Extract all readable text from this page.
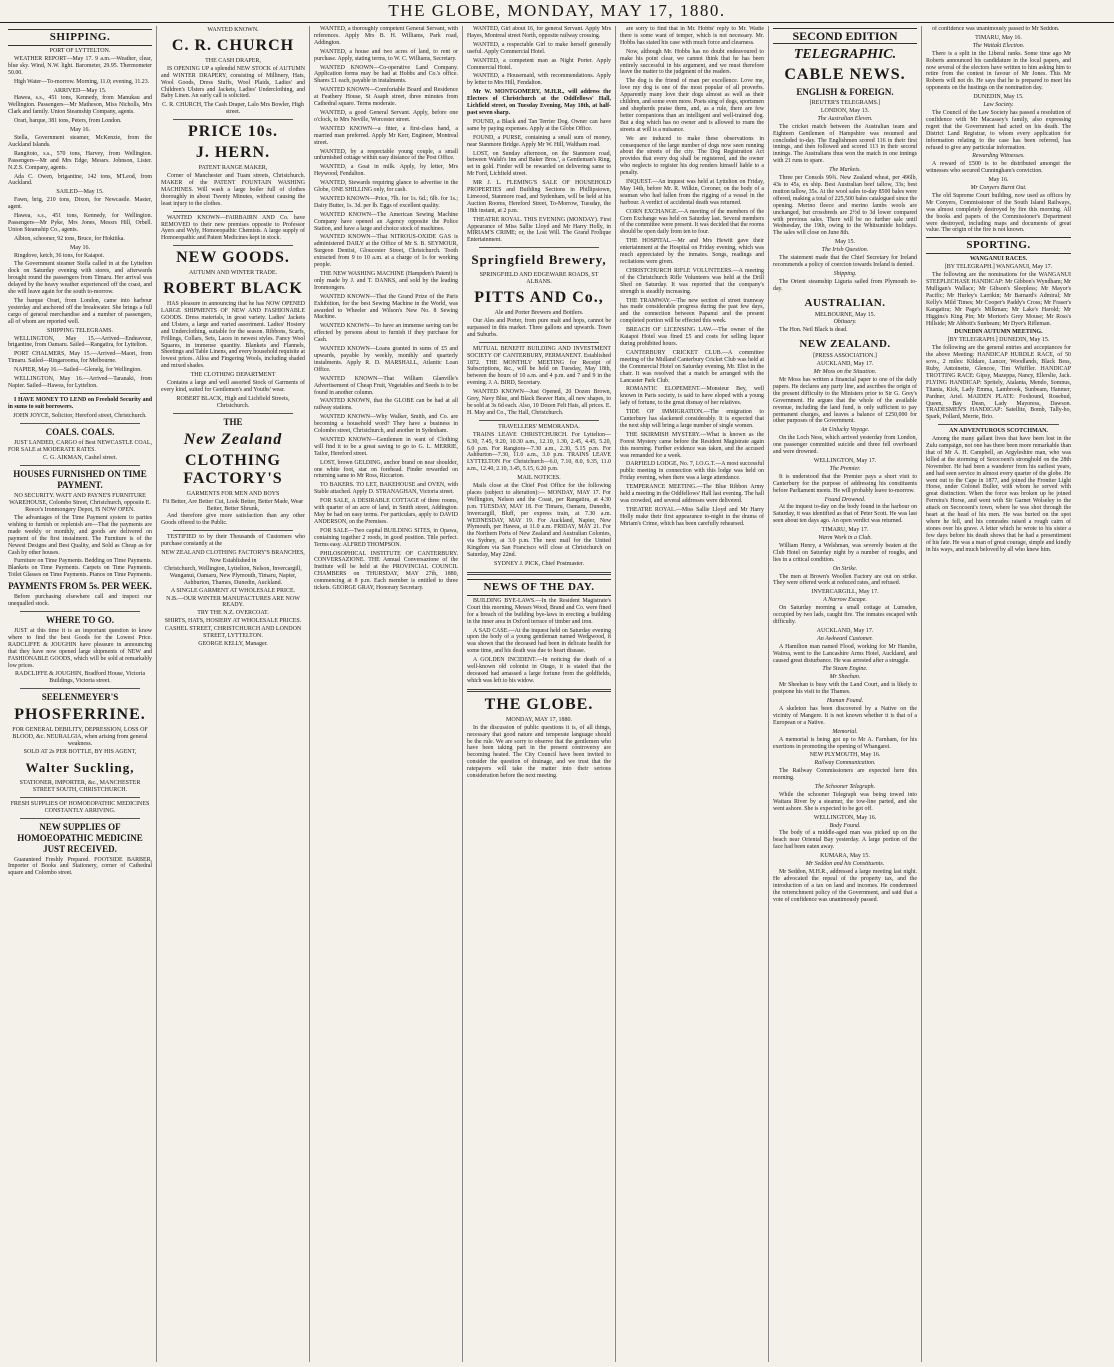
THE GLOBE, MONDAY, MAY 17, 1880.
SHIPPING.
PORT OF LYTTELTON.
WEATHER REPORT—May 17. 9 a.m.—Weather, clear, blue sky. Wind, N.W. light. Barometer, 29.95. Thermometer 50.00.
High Water—To-morrow. Morning, 11.0; evening, 11.23.
ARRIVED—May 15.
Hawea, s.s., 451 tons, Kennedy, from Manukau and Wellington. Passengers—Mr Matheson, Miss Nicholls, Mrs Clark and family. Union Steamship Company, agents.
Orari, barque, 381 tons, Peters, from London.
May 16.
Stella, Government steamer, McKenzie, from the Auckland Islands.
Rangitoto, s.s., 570 tons, Harvey, from Wellington. Passengers—Mr and Mrs Edge, Messrs. Johnson, Lister. N.Z.S. Company, agents.
Ada C. Owen, brigantine, 142 tons, M'Leod, from Auckland.
SAILED—May 15.
Fawn, brig, 210 tons, Dixon, for Newcastle. Master, agent.
Hawea, s.s., 451 tons, Kennedy, for Wellington. Passengers—Mr Pyke, Mrs Jones, Messrs Hill, Orbell. Union Steamship Co., agents.
Albion, schooner, 92 tons, Bruce, for Hokitika.
May 16.
Ringdove, ketch, 36 tons, for Kaiapoi.
The Government steamer Stella called in at the Lyttelton dock on Saturday evening with stores, and afterwards brought round the passengers from Timaru. Her arrival was delayed by the heavy weather experienced off the coast, and she will leave again for the south to-morrow.
The barque Orari, from London, came into harbour yesterday and anchored off the breakwater. She brings a full cargo of general merchandise and a number of passengers, all of whom are reported well.
SHIPPING TELEGRAMS.
WELLINGTON, May 15.—Arrived—Endeavour, brigantine, from Oamaru. Sailed—Rangatira, for Lyttelton.
PORT CHALMERS, May 15.—Arrived—Maori, from Timaru. Sailed—Ringarooma, for Melbourne.
NAPIER, May 16.—Sailed—Glenelg, for Wellington.
WELLINGTON, May 16.—Arrived—Taranaki, from Napier. Sailed—Hawea, for Lyttelton.
I HAVE MONEY TO LEND on Freehold Security and in sums to suit borrowers.
JOHN JOYCE, Solicitor, Hereford street, Christchurch.
COALS. COALS.
JUST LANDED, CARGO of Best NEWCASTLE COAL, FOR SALE at MODERATE RATES.
C. G. AIKMAN, Cashel street.
HOUSES FURNISHED ON TIME PAYMENT.
NO SECURITY. WATT AND PAYNE'S FURNITURE WAREHOUSE, Colombo Street, Christchurch, opposite E. Reece's Ironmongery Depot, IS NOW OPEN.
The advantages of the Time Payment system to parties wishing to furnish or replenish are—That the payments are made weekly or monthly, and goods are delivered on payment of the first instalment. The Furniture is of the Newest Designs and Best Quality, and Sold as Cheap as for Cash by other houses.
Furniture on Time Payments. Bedding on Time Payments. Blankets on Time Payments. Carpets on Time Payments. Toilet Glasses on Time Payments. Pianos on Time Payments.
PAYMENTS FROM 5s. PER WEEK.
Before purchasing elsewhere call and inspect our unequalled stock.
WHERE TO GO.
JUST at this time it is an important question to know where to find the best Goods for the Lowest Price. RADCLIFFE & JOUGHIN have pleasure in announcing that they have now opened large shipments of NEW and FASHIONABLE GOODS, which will be sold at remarkably low prices.
RADCLIFFE & JOUGHIN, Bradford House, Victoria Buildings, Victoria street.
SEELENMEYER'S
PHOSFERRINE.
FOR GENERAL DEBILITY, DEPRESSION, LOSS OF BLOOD, &c. NEURALGIA, when arising from general weakness.
SOLD AT 2s PER BOTTLE, BY HIS AGENT,
Walter Suckling,
STATIONER, IMPORTER, &c., MANCHESTER STREET SOUTH, CHRISTCHURCH.
FRESH SUPPLIES OF HOMOEOPATHIC MEDICINES CONSTANTLY ARRIVING.
NEW SUPPLIES OF HOMOEOPATHIC MEDICINE JUST RECEIVED.
Guaranteed Freshly Prepared. FOOTSIDE BARBER, Importer of Books and Stationery, corner of Cathedral square and Colombo street.
WANTED KNOWN.
C. R. CHURCH
THE CASH DRAPER,
IS OPENING UP a splendid NEW STOCK of AUTUMN and WINTER DRAPERY, consisting of Millinery, Hats, Wool Goods, Dress Stuffs, Wool Plaids, Ladies' and Children's Ulsters and Jackets, Ladies' Underclothing, and Baby Linen. An early call is solicited.
C. R. CHURCH, The Cash Draper, Lalo Mrs Bowler, High street.
PRICE 10s.
J. HERN.
PATENT RANGE MAKER,
Corner of Manchester and Tuam streets, Christchurch. MAKER of the PATENT FOUNTAIN WASHING MACHINES. Will wash a large boiler full of clothes thoroughly in about Twenty Minutes, without causing the least injury to the clothes.
WANTED KNOWN—FAIRBAIRN AND Co. have REMOVED to their new premises opposite to Professor Ayers and Wyly, Homoeopathic Chemists. A large supply of Homoeopathic and Patent Medicines kept in stock.
NEW GOODS.
AUTUMN AND WINTER TRADE.
ROBERT BLACK
HAS pleasure in announcing that he has NOW OPENED LARGE SHIPMENTS OF NEW AND FASHIONABLE GOODS. Dress materials, in great variety. Ladies' Jackets and Ulsters, a large and varied assortment. Ladies' Hosiery and Underclothing, suitable for the season. Ribbons, Scarfs, Frillings, Collars, Sets, Laces in newest styles. Fancy Wool Squares, in immense quantity. Blankets and Flannels, Sheetings and Table Linens, and every household requisite at lowest prices. Alloa and Fingering Wools, including shaded and mixed shades.
THE CLOTHING DEPARTMENT
Contains a large and well assorted Stock of Garments of every kind, suited for Gentlemen's and Youths' wear.
ROBERT BLACK, High and Lichfield Streets, Christchurch.
THE
New Zealand
CLOTHING FACTORY'S
GARMENTS FOR MEN AND BOYS
Fit Better, Are Better Cut, Look Better, Better Made, Wear Better, Better Shrunk,
And therefore give more satisfaction than any other Goods offered to the Public.
TESTIFIED to by their Thousands of Customers who purchase constantly at the
NEW ZEALAND CLOTHING FACTORY'S BRANCHES,
Now Established in
Christchurch, Wellington, Lyttelton, Nelson, Invercargill, Wanganui, Oamaru, New Plymouth, Timaru, Napier, Ashburton, Thames, Dunedin, Auckland.
A SINGLE GARMENT AT WHOLESALE PRICE.
N.B.—OUR WINTER MANUFACTURES ARE NOW READY.
TRY THE N.Z. OVERCOAT.
SHIRTS, HATS, HOSIERY AT WHOLESALE PRICES.
CASHEL STREET, CHRISTCHURCH AND LONDON STREET, LYTTELTON.
GEORGE KELLY, Manager.
WANTED, a thoroughly competent General Servant, with references. Apply Mrs B. H. Williams, Park road, Addington.
WANTED, a house and two acres of land, to rent or purchase. Apply, stating terms, to W. C. Williams, Secretary.
WANTED KNOWN—Co-operative Land Company. Application forms may be had at Hobbs and Co.'s office. Shares £1 each, payable in instalments.
WANTED KNOWN—Comfortable Board and Residence at Feathery House, St Asaph street, three minutes from Cathedral square. Terms moderate.
WANTED, a good General Servant. Apply, before one o'clock, to Mrs Neville, Worcester street.
WANTED KNOWN—a fitter, a first-class hand, a married man preferred. Apply Mr Kerr, Engineer, Montreal street.
WANTED, by a respectable young couple, a small unfurnished cottage within easy distance of the Post Office.
WANTED, a Goat in milk. Apply, by letter, Mrs Heywood, Fendalton.
WANTED, Stewards requiring glance to advertise in the Globe, ONE SHILLING only, for cash.
WANTED KNOWN—Price, 7lb. for 1s. 6d.; 6lb. for 1s.; Dairy Butter, 1s. 3d. per lb. Eggs of excellent quality.
WANTED KNOWN—The American Sewing Machine Company have opened an Agency opposite the Police Station, and have a large and choice stock of machines.
WANTED KNOWN—That NITROUS-OXIDE GAS is administered DAILY at the Office of Mr S. B. SEYMOUR, Surgeon Dentist, Gloucester Street, Christchurch. Tooth extracted from 9 to 10 a.m. at a charge of 1s for working people.
THE NEW WASHING MACHINE (Hampden's Patent) is only made by J. and T. DANKS, and sold by the leading Ironmongers.
WANTED KNOWN—That the Grand Prize of the Paris Exhibition, for the best Sewing Machine in the World, was awarded to Wheeler and Wilson's New No. 8 Sewing Machine.
WANTED KNOWN—To have an immense saving can be effected by persons about to furnish if they purchase for Cash.
WANTED KNOWN—Loans granted in sums of £5 and upwards, payable by weekly, monthly and quarterly instalments. Apply R. D. MARSHALL, Atlantic Loan Office.
WANTED KNOWN—That William Glanville's Advertisement of Cheap Fruit, Vegetables and Seeds is to be found in another column.
WANTED KNOWN, that the GLOBE can be had at all railway stations.
WANTED KNOWN—Why Walker, Smith, and Co. are becoming a household word? They have a business in Colombo street, Christchurch, and another in Sydenham.
WANTED KNOWN—Gentlemen in want of Clothing will find it to be a great saving to go to G. L. MERRIE, Tailor, Hereford street.
LOST, brown GELDING, anchor brand on near shoulder, one white foot, star on forehead. Finder rewarded on returning same to Mr Ross, Riccarton.
TO BAKERS. TO LET, BAKEHOUSE and OVEN, with Stable attached. Apply D. STRANAGHAN, Victoria street.
FOR SALE, A DESIRABLE COTTAGE of three rooms, with quarter of an acre of land, in Smith street, Addington. May be had on easy terms. For particulars, apply to DAVID ANDERSON, on the Premises.
FOR SALE—Two capital BUILDING SITES, in Opawa, containing together 2 roods, in good position. Title perfect. Terms easy. ALFRED THOMPSON.
PHILOSOPHICAL INSTITUTE OF CANTERBURY. CONVERSAZIONE. THE Annual Conversazione of the Institute will be held at the PROVINCIAL COUNCIL CHAMBERS on THURSDAY, MAY 27th, 1880, commencing at 8 p.m. Each member is entitled to three tickets. GEORGE GRAY, Honorary Secretary.
WANTED, Girl about 16, for general Servant. Apply Mrs Hayes, Montreal street North, opposite railway crossing.
WANTED, a respectable Girl to make herself generally useful. Apply Commercial Hotel.
WANTED, a competent man as Night Porter. Apply Commercial Hotel.
WANTED, a Housemaid, with recommendations. Apply by letter to Mrs Hill, Fendalton.
Mr W. MONTGOMERY, M.H.R., will address the Electors of Christchurch at the Oddfellows' Hall, Lichfield street, on Tuesday Evening, May 18th, at half-past seven sharp.
FOUND, a Black and Tan Terrier Dog. Owner can have same by paying expenses. Apply at the Globe Office.
FOUND, a PURSE, containing a small sum of money, near Stanmore Bridge. Apply Mr W. Hill, Waltham road.
LOST, on Sunday afternoon, on the Stanmore road, between Walsh's Inn and Baker Bros.', a Gentleman's Ring, set in gold. Finder will be rewarded on delivering same to Mr Ford, Lichfield street.
MR J. L. FLEMING'S SALE OF HOUSEHOLD PROPERTIES and Building Sections in Phillipstown, Linwood, Stanmore road, and Sydenham, will be held at his Auction Rooms, Hereford Street, To-Morrow, Tuesday, the 18th instant, at 2 p.m.
THEATRE ROYAL. THIS EVENING (MONDAY). First Appearance of Miss Sallie Lloyd and Mr Harry Holly, in MIRIAM'S CRIME; or, the Lost Will. The Grand Frolique Entertainment.
Springfield Brewery,
SPRINGFIELD AND EDGEWARE ROADS, ST ALBANS.
PITTS AND Co.,
Ale and Porter Brewers and Bottlers.
Our Ales and Porter, from pure malt and hops, cannot be surpassed in this market. Three gallons and upwards. Town and Suburbs.
MUTUAL BENEFIT BUILDING AND INVESTMENT SOCIETY OF CANTERBURY, PERMANENT. Established 1872. THE MONTHLY MEETING for Receipt of Subscriptions, &c., will be held on Tuesday, May 18th, between the hours of 10 a.m. and 4 p.m. and 7 and 9 in the evening. J. A. BIRD, Secretary.
WANTED KNOWN—Just Opened, 20 Dozen Brown, Grey, Navy Blue, and Black Beaver Hats, all new shapes, to be sold at 3s 6d each. Also, 10 Dozen Felt Hats, all prices. E. H. May and Co., The Hall, Christchurch.
TRAVELLERS' MEMORANDA.
TRAINS LEAVE CHRISTCHURCH. For Lyttelton—6.30, 7.45, 9.20, 10.30 a.m., 12.10, 1.30, 2.45, 4.45, 5.20, 6.0 p.m. For Rangiora—7.30 a.m., 2.30, 5.15 p.m. For Ashburton—7.30, 11.0 a.m., 3.0 p.m. TRAINS LEAVE LYTTELTON For Christchurch—6.0, 7.10, 8.0, 9.35, 11.0 a.m., 12.40, 2.10, 3.45, 5.15, 6.20 p.m.
MAIL NOTICES.
Mails close at the Chief Post Office for the following places (subject to alteration):— MONDAY, MAY 17. For Wellington, Nelson and the Coast, per Rangatira, at 4.30 p.m. TUESDAY, MAY 18. For Timaru, Oamaru, Dunedin, Invercargill, Bluff, per express train, at 7.30 a.m. WEDNESDAY, MAY 19. For Auckland, Napier, New Plymouth, per Hawea, at 11.0 a.m. FRIDAY, MAY 21. For the Northern Ports of New Zealand and Australian Colonies, via Sydney, at 3.0 p.m. The next mail for the United Kingdom via San Francisco will close at Christchurch on Saturday, May 22nd.
SYDNEY J. PICK, Chief Postmaster.
NEWS OF THE DAY.
BUILDING BYE-LAWS.—In the Resident Magistrate's Court this morning, Messrs Wood, Brand and Co. were fined for a breach of the building bye-laws in erecting a building in the inner area in Oxford terrace of timber and iron.
A SAD CASE.—At the inquest held on Saturday evening upon the body of a young gentleman named Wedgwood, it was shown that the deceased had been in delicate health for some time, and his death was due to heart disease.
A GOLDEN INCIDENT.—In noticing the death of a well-known old colonist in Otago, it is stated that the deceased had amassed a large fortune from the goldfields, which was left to his widow.
THE GLOBE.
MONDAY, MAY 17, 1880.
In the discussion of public questions it is, of all things, necessary that good nature and temperate language should be the rule. We are sorry to observe that the gentlemen who have been taking part in the present controversy are becoming heated. The City Council have been invited to consider the question of drainage, and we trust that the ratepayers will take the matter into their serious consideration before the next meeting.
are sorry to find that in Mr. Hobbs' reply to Mr. Wadie there is some want of temper, which is not necessary. Mr. Hobbs has stated his case with much force and clearness.
Now, although Mr. Hobbs has no doubt endeavoured to make his point clear, we cannot think that he has been entirely successful in his argument, and we must therefore leave the matter to the judgment of the readers.
The dog is the friend of man per excellence. Love me, love my dog is one of the most popular of all proverbs. Apparently many love their dogs almost as well as their children, and some even more. Poets sing of dogs, sportsmen and shepherds praise them, and, as a rule, there are few better companions than an intelligent and well-trained dog. But a dog which has no owner and is allowed to roam the streets at will is a nuisance.
We are induced to make these observations in consequence of the large number of dogs now seen running about the streets of the city. The Dog Registration Act provides that every dog shall be registered, and the owner who neglects to register his dog renders himself liable to a penalty.
INQUEST.—An inquest was held at Lyttelton on Friday, May 14th, before Mr. R. Wilkin, Coroner, on the body of a seaman who had fallen from the rigging of a vessel in the harbour. A verdict of accidental death was returned.
CORN EXCHANGE.—A meeting of the members of the Corn Exchange was held on Saturday last. Several members of the committee were present. It was decided that the rooms should be open daily from ten to four.
THE HOSPITAL.—Mr and Mrs Hewitt gave their entertainment at the Hospital on Friday evening, which was much appreciated by the inmates. Songs, readings and recitations were given.
CHRISTCHURCH RIFLE VOLUNTEERS.—A meeting of the Christchurch Rifle Volunteers was held at the Drill Shed on Saturday. It was reported that the company's strength is steadily increasing.
THE TRAMWAY.—The new section of street tramway has made considerable progress during the past few days, and the connection between Papanui and the present completed portion will be effected this week.
BREACH OF LICENSING LAW.—The owner of the Kaiapoi Hotel was fined £5 and costs for selling liquor during prohibited hours.
CANTERBURY CRICKET CLUB.—A committee meeting of the Midland Canterbury Cricket Club was held at the Commercial Hotel on Saturday evening, Mr. Eliot in the chair. It was resolved that a match be arranged with the Lancaster Park Club.
ROMANTIC ELOPEMENT.—Monsieur Bey, well known in Paris society, is said to have eloped with a young lady of fortune, to the great dismay of her relatives.
TIDE OF IMMIGRATION.—The emigration to Canterbury has slackened considerably. It is expected that the next ship will bring a large number of single women.
THE SKIRMISH MYSTERY.—What is known as the Forest Mystery came before the Resident Magistrate again this morning. Further evidence was taken, and the accused was remanded for a week.
DARFIELD LODGE, No. 7, I.O.G.T.—A most successful public meeting in connection with this lodge was held on Friday evening, when there was a large attendance.
TEMPERANCE MEETING.—The Blue Ribbon Army held a meeting in the Oddfellows' Hall last evening. The hall was crowded, and several addresses were delivered.
THEATRE ROYAL.—Miss Sallie Lloyd and Mr Harry Holly make their first appearance to-night in the drama of Miriam's Crime, which has been carefully rehearsed.
SECOND EDITION
TELEGRAPHIC.
CABLE NEWS.
ENGLISH & FOREIGN.
[REUTER'S TELEGRAMS.]
LONDON, May 13.
The Australian Eleven.
The cricket match between the Australian team and Eighteen Gentlemen of Hampshire was resumed and concluded to-day. The Englishmen scored 116 in their first innings, and then followed and scored 113 in their second innings. The Australians thus won the match in one innings with 21 runs to spare.
The Markets.
Three per Consols 99¾. New Zealand wheat, per 496lb, 43s to 45s, ex ship. Best Australian beef tallow, 33s; best mutton tallow, 35s. At the wool sales to-day 8500 bales were offered, making a total of 225,500 bales catalogued since the opening. Merino fleece and merino lambs wools are unchanged, but crossbreds are 2½d to 3d lower compared with previous sales. There will be no further sale until Wednesday, the 19th, owing to the Whitsuntide holidays. The sales will close on June 8th.
May 15.
The Irish Question.
The statement made that the Chief Secretary for Ireland recommends a policy of coercion towards Ireland is denied.
Shipping.
The Orient steamship Liguria sailed from Plymouth to-day.
AUSTRALIAN.
MELBOURNE, May 15.
Obituary.
The Hon. Neil Black is dead.
NEW ZEALAND.
[PRESS ASSOCIATION.]
AUCKLAND, May 17.
Mr Moss on the Situation.
Mr Moss has written a financial paper to one of the daily papers. He declares any party line, and ascribes the origin of the present difficulty to the Ministers prior to Sir G. Grey's Government. He argues that the whole of the available revenue, including the land fund, is only sufficient to pay permanent charges, and leaves a balance of £250,000 for other purposes of the Government.
An Unlucky Voyage.
On the Loch Ness, which arrived yesterday from London, one passenger committed suicide and three fell overboard and were drowned.
WELLINGTON, May 17.
The Premier.
It is understood that the Premier pays a short visit to Canterbury for the purpose of addressing his constituents before Parliament meets. He will probably leave to-morrow.
Found Drowned.
At the inquest to-day on the body found in the harbour on Saturday, it was identified as that of Peter Scott. He was last seen about ten days ago. An open verdict was returned.
TIMARU, May 17.
Warm Work in a Club.
William Henry, a Welshman, was severely beaten at the Club Hotel on Saturday night by a number of roughs, and lies in a critical condition.
On Strike.
The men at Brown's Woollen Factory are out on strike. They were offered work at reduced rates, and refused.
INVERCARGILL, May 17.
A Narrow Escape.
On Saturday morning a small cottage at Lumsden, occupied by two lads, caught fire. The inmates escaped with difficulty.
AUCKLAND, May 17.
An Awkward Customer.
A Hamilton man named Flood, working for Mr Hamlin, Wairoa, went to the Lancashire Arms Hotel, Auckland, and caused great disturbance. He was arrested after a struggle.
The Steam Engine.
Mr Sheehan.
Mr Sheehan is busy with the Land Court, and is likely to postpone his visit to the Thames.
Human Found.
A skeleton has been discovered by a Native on the vicinity of Mangere. It is not known whether it is that of a European or a Native.
Memorial.
A memorial is being got up to Mr A. Farnham, for his exertions in promoting the opening of Whangarei.
NEW PLYMOUTH, May 16.
Railway Communication.
The Railway Commissioners are expected here this morning.
The Schooner Telegraph.
While the schooner Telegraph was being towed into Waitara River by a steamer, the tow-line parted, and she went ashore. She is expected to be got off.
WELLINGTON, May 16.
Body Found.
The body of a middle-aged man was picked up on the beach near Oriental Bay yesterday. A large portion of the face had been eaten away.
KUMARA, May 15.
Mr Seddon and his Constituents.
Mr Seddon, M.H.R., addressed a large meeting last night. He advocated the repeal of the property tax, and the introduction of a tax on land and incomes. He condemned the retrenchment policy of the Government, and said that a vote of confidence was unanimously passed.
of confidence was unanimously passed to Mr Seddon.
TIMARU, May 16.
The Waitaki Election.
There is a split in the Liberal ranks. Some time ago Mr Roberts announced his candidature in the local papers, and now several of the electors have written to him asking him to retire from the contest in favour of Mr Jones. This Mr Roberts will not do. He says that he is prepared to meet his opponents on the hustings on the nomination day.
DUNEDIN, May 15.
Law Society.
The Council of the Law Society has passed a resolution of confidence with Mr Macassey's family, also expressing regret that the Government had acted on his death. The District Land Registrar, to whom every application for information relating to the case has been referred, has refused to give any particular information.
Rewarding Witnesses.
A reward of £500 is to be distributed amongst the witnesses who secured Cunningham's conviction.
May 16.
Mr Conyers Burnt Out.
The old Supreme Court building, now used as offices by Mr Conyers, Commissioner of the South Island Railways, was almost completely destroyed by fire this morning. All the books and papers of the Commissioner's Department were destroyed, including maps and documents of great value. The origin of the fire is not known.
SPORTING.
WANGANUI RACES.
[BY TELEGRAPH.] WANGANUI, May 17.
The following are the nominations for the WANGANUI STEEPLECHASE HANDICAP: Mr Gibbon's Wyndham; Mr Mulligan's Wallace; Mr Gibson's Sleepless; Mr Mayor's Pacific; Mr Hurley's Larrikin; Mr Barnard's Admiral; Mr Kelly's Mild Times; Mr Cooper's Paddy's Cross; Mr Fraser's Kangatira; Mr Page's Milkman; Mr Lake's Harold; Mr Higgins's King Pin; Mr Morton's Grey Mouse; Mr Ross's Hillside; Mr Abbott's Sunbeam; Mr Dyer's Rifleman.
DUNEDIN AUTUMN MEETING.
[BY TELEGRAPH.] DUNEDIN, May 15.
The following are the general entries and acceptances for the above Meeting: HANDICAP HURDLE RACE, of 50 sovs., 2 miles: Kildare, Lancer, Woodlands, Black Bess, Ruby, Antoinette, Glencoe, Tim Whiffler. HANDICAP TROTTING RACE: Gipsy, Mazeppa, Nancy, Ellerslie, Jack. FLYING HANDICAP: Spritely, Atalanta, Mendo, Somnus, Titania, Kick, Lady Emma, Lambrook, Sunbeam, Hanmer, Pardner, Ariel. MAIDEN PLATE: Foxhound, Rosebud, Queen, Bay Dean, Lady Mayoress, Dawson. TRADESMEN'S HANDICAP: Satellite, Bomb, Tally-ho, Spark, Pollard, Merrie, Brio.
AN ADVENTUROUS SCOTCHMAN.
Among the many gallant lives that have been lost in the Zulu campaign, not one has there been more remarkable than that of Mr A. H. Campbell, an Argyleshire man, who was killed at the storming of Secocoeni's stronghold on the 28th November. He had been a wanderer from his earliest years, and had seen service in almost every quarter of the globe. He went out to the Cape in 1877, and joined the Frontier Light Horse, under Colonel Buller, with whom he served with great distinction. When the force was broken up he joined Ferreira's Horse, and went with Sir Garnet Wolseley to the attack on Secocoeni's town, where he was shot through the heart at the head of his men. He was buried on the spot where he fell, and his comrades raised a rough cairn of stones over his grave. A letter which he wrote to his sister a few days before his death shows that he had a presentiment of his fate. He was a man of great courage, simple and kindly in his ways, and much beloved by all who knew him.
